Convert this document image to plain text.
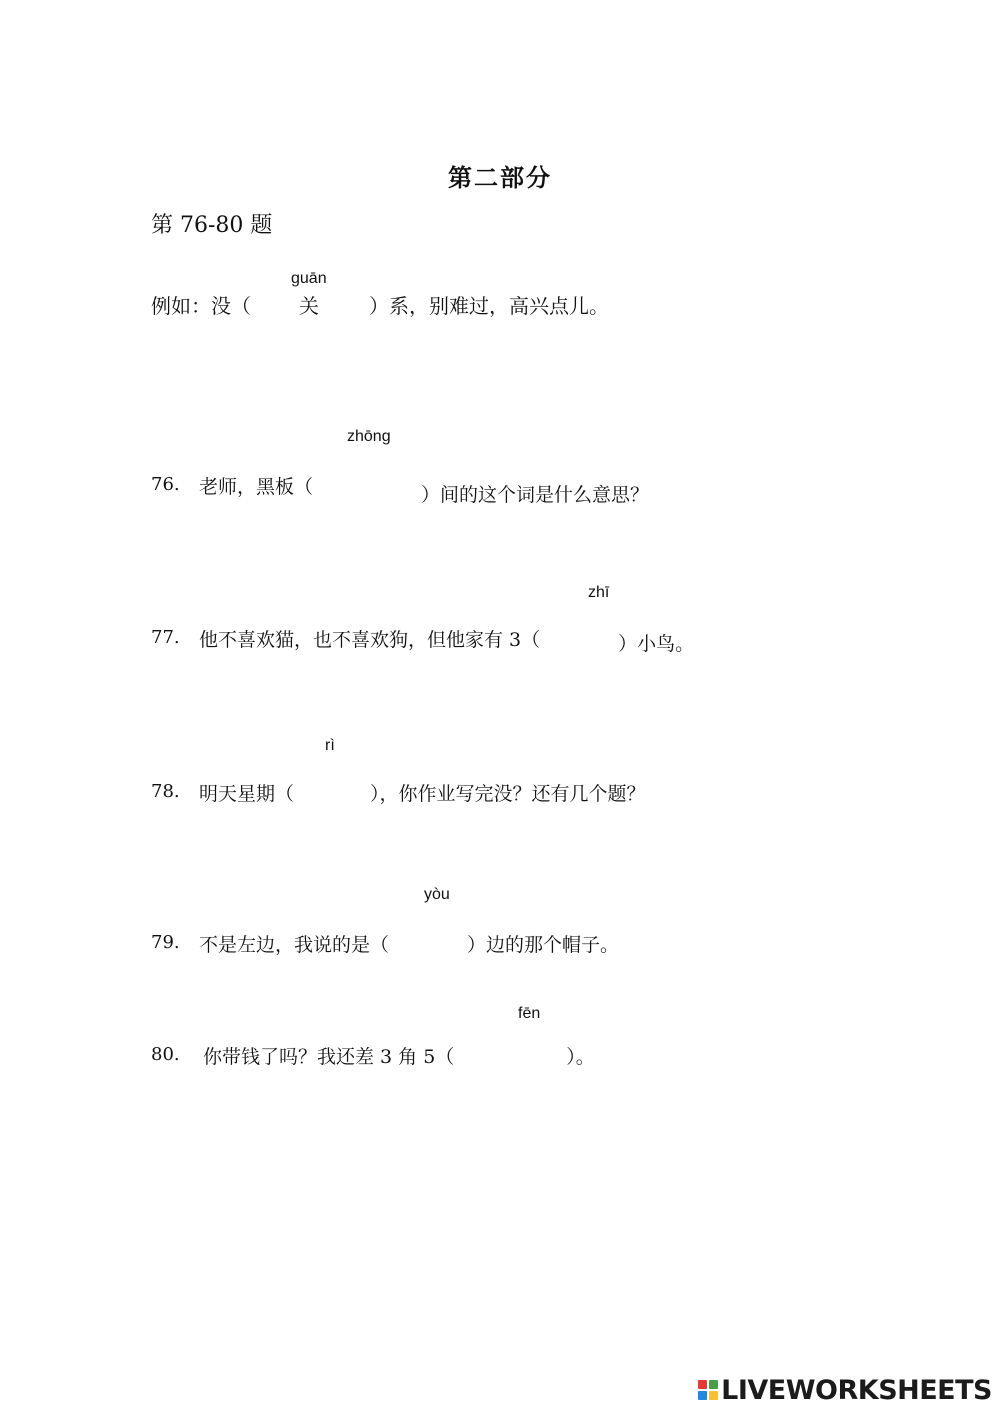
第二部分
第 76-80 题
guān
例如：没（	）系，别难过，高兴点儿。
关
zhōng
76. 老师，黑板（	）间的这个词是什么意思？
zhī
77. 他不喜欢猫，也不喜欢狗，但他家有 3（	）小鸟。
rì
78. 明天星期（	），你作业写完没？还有几个题？
yòu
79. 不是左边，我说的是（	）边的那个帽子。
fēn
80. 你带钱了吗？我还差 3 角 5（	）。
LIVEWORKSHEETS
